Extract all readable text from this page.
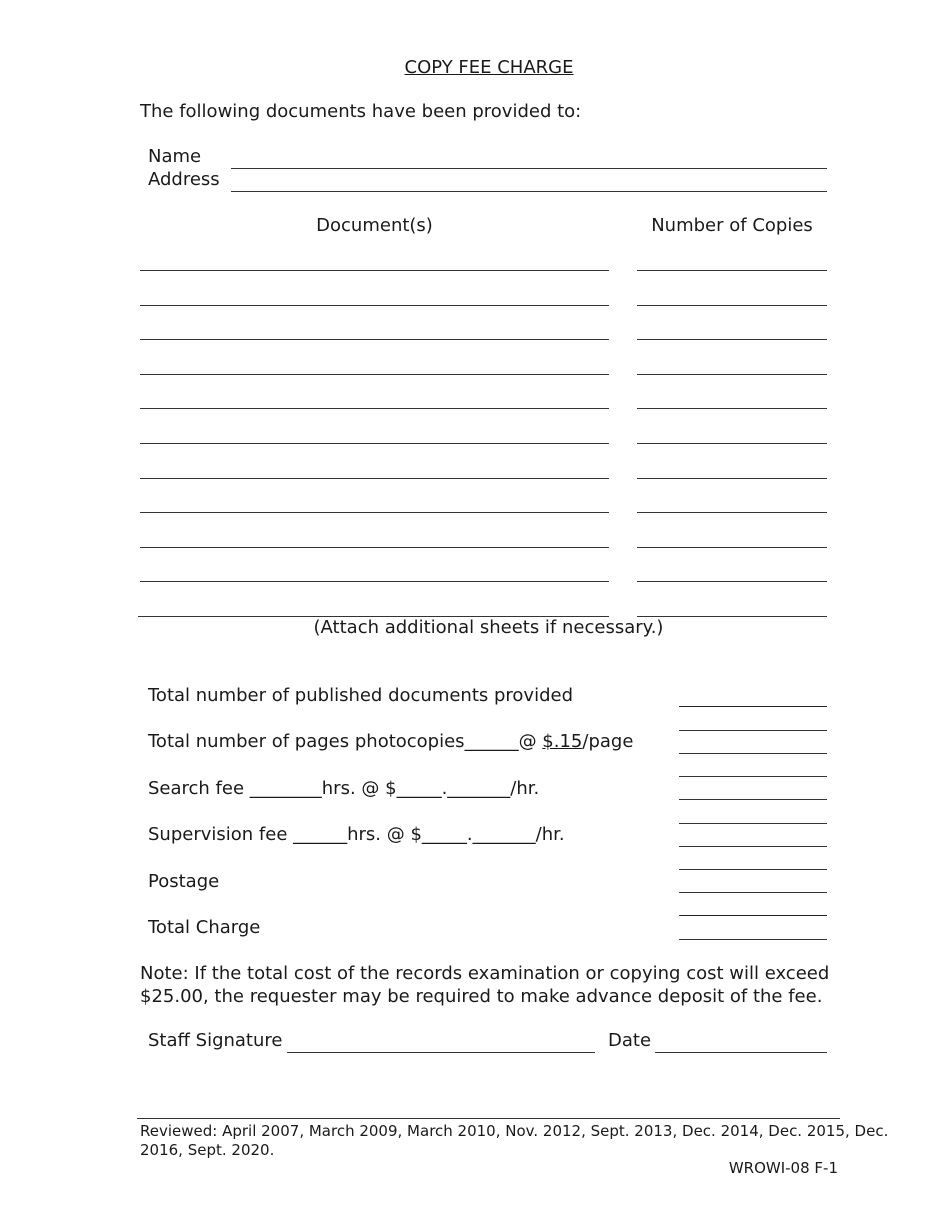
COPY FEE CHARGE
The following documents have been provided to:
Name
Address
Document(s)	Number of Copies
(Attach additional sheets if necessary.)
Total number of published documents provided
Total number of pages photocopies______@ $.15/page
Search fee ________hrs. @ $_____._______/hr.
Supervision fee ______hrs. @ $_____._______/hr.
Postage
Total Charge
Note: If the total cost of the records examination or copying cost will exceed
$25.00, the requester may be required to make advance deposit of the fee.
Staff Signature	Date
Reviewed: April 2007, March 2009, March 2010, Nov. 2012, Sept. 2013, Dec. 2014, Dec. 2015, Dec.
2016, Sept. 2020.
WROWI-08 F-1
